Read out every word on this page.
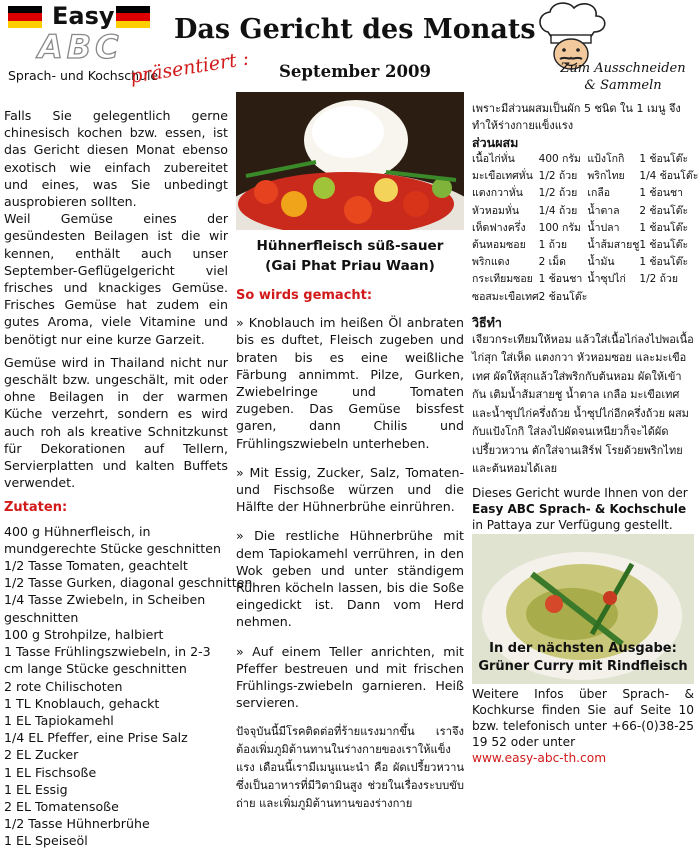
Easy
ABC
Sprach- und Kochschule
präsentiert :
Das Gericht des Monats
September 2009	Zum Ausschneiden
& Sammeln

Falls Sie gelegentlich gerne chinesisch kochen bzw. essen, ist das Gericht diesen Monat ebenso exotisch wie einfach zubereitet und eines, was Sie unbedingt ausprobieren sollten.

Weil Gemüse eines der gesündesten Beilagen ist die wir kennen, enthält auch unser September-Geflügelgericht viel frisches und knackiges Gemüse. Frisches Gemüse hat zudem ein gutes Aroma, viele Vitamine und benötigt nur eine kurze Garzeit.

Gemüse wird in Thailand nicht nur geschält bzw. ungeschält, mit oder ohne Beilagen in der warmen Küche verzehrt, sondern es wird auch roh als kreative Schnitzkunst für Dekorationen auf Tellern, Servierplatten und kalten Buffets verwendet.

Zutaten:
400 g Hühnerfleisch, in mundgerechte Stücke geschnitten
1/2 Tasse Tomaten, geachtelt
1/2 Tasse Gurken, diagonal geschnitten
1/4 Tasse Zwiebeln, in Scheiben geschnitten
100 g Strohpilze, halbiert
1 Tasse Frühlingszwiebeln, in 2-3 cm lange Stücke geschnitten
2 rote Chilischoten
1 TL Knoblauch, gehackt
1 EL Tapiokamehl
1/4 EL Pfeffer, eine Prise Salz
2 EL Zucker
1 EL Fischsoße
1 EL Essig
2 EL Tomatensoße
1/2 Tasse Hühnerbrühe
1 EL Speiseöl
Hühnerfleisch süß-sauer
(Gai Phat Priau Waan)
So wirds gemacht:

» Knoblauch im heißen Öl anbraten bis es duftet, Fleisch zugeben und braten bis es eine weißliche Färbung annimmt. Pilze, Gurken, Zwiebelringe und Tomaten zugeben. Das Gemüse bissfest garen, dann Chilis und Frühlingszwiebeln unterheben.

» Mit Essig, Zucker, Salz, Tomaten- und Fischsoße würzen und die Hälfte der Hühnerbrühe einrühren.

» Die restliche Hühnerbrühe mit dem Tapiokamehl verrühren, in den Wok geben und unter ständigem Rühren köcheln lassen, bis die Soße eingedickt ist. Dann vom Herd nehmen.

» Auf einem Teller anrichten, mit Pfeffer bestreuen und mit frischen Frühlings-zwiebeln garnieren. Heiß servieren.

ปัจจุบันนี้มีโรคติดต่อที่ร้ายแรงมากขึ้น เราจึงต้องเพิ่มภูมิต้านทานในร่างกายของเราให้แข็งแรง เดือนนี้เรามีเมนูแนะนำ คือ ผัดเปรี้ยวหวาน ซึ่งเป็นอาหารที่มีวิตามินสูง ช่วยในเรื่องระบบขับถ่าย และเพิ่มภูมิต้านทานของร่างกาย

เพราะมีส่วนผสมเป็นผัก 5 ชนิด ใน 1 เมนู จึงทำให้ร่างกายแข็งแรง
ส่วนผสม
เนื้อไก่หั่น	400 กรัม	แป้งโกกิ	1 ช้อนโต๊ะ
มะเขือเทศหั่น	1/2 ถ้วย	พริกไทย	1/4 ช้อนโต๊ะ
แตงกวาหั่น	1/2 ถ้วย	เกลือ	1 ช้อนชา
หัวหอมหั่น	1/4 ถ้วย	น้ำตาล	2 ช้อนโต๊ะ
เห็ดฟางครึ่ง	100 กรัม	น้ำปลา	1 ช้อนโต๊ะ
ต้นหอมซอย	1 ถ้วย	น้ำส้มสายชู	1 ช้อนโต๊ะ
พริกแดง	2 เม็ด	น้ำมัน	1 ช้อนโต๊ะ
กระเทียมซอย	1 ช้อนชา	น้ำซุปไก่	1/2 ถ้วย
ซอสมะเขือเทศ	2 ช้อนโต๊ะ		
วิธีทำ
เจียวกระเทียมให้หอม แล้วใส่เนื้อไก่ลงไปพอเนื้อไก่สุก ใส่เห็ด แตงกวา หัวหอมซอย และมะเขือเทศ ผัดให้สุกแล้วใส่พริกกับต้นหอม ผัดให้เข้ากัน เติมน้ำส้มสายชู น้ำตาล เกลือ มะเขือเทศและน้ำซุปไก่ครึ่งถ้วย น้ำซุปไก่อีกครึ่งถ้วย ผสมกับแป้งโกกิ ใส่ลงไปผัดจนเหนียวก็จะได้ผัดเปรี้ยวหวาน ตักใส่จานเสิร์ฟ โรยด้วยพริกไทยและต้นหอมได้เลย
Dieses Gericht wurde Ihnen von der Easy ABC Sprach- & Kochschule in Pattaya zur Verfügung gestellt.
In der nächsten Ausgabe:
Grüner Curry mit Rindfleisch
Weitere Infos über Sprach- & Kochkurse finden Sie auf Seite 10 bzw. telefonisch unter +66-(0)38-25 19 52 oder unter
www.easy-abc-th.com
